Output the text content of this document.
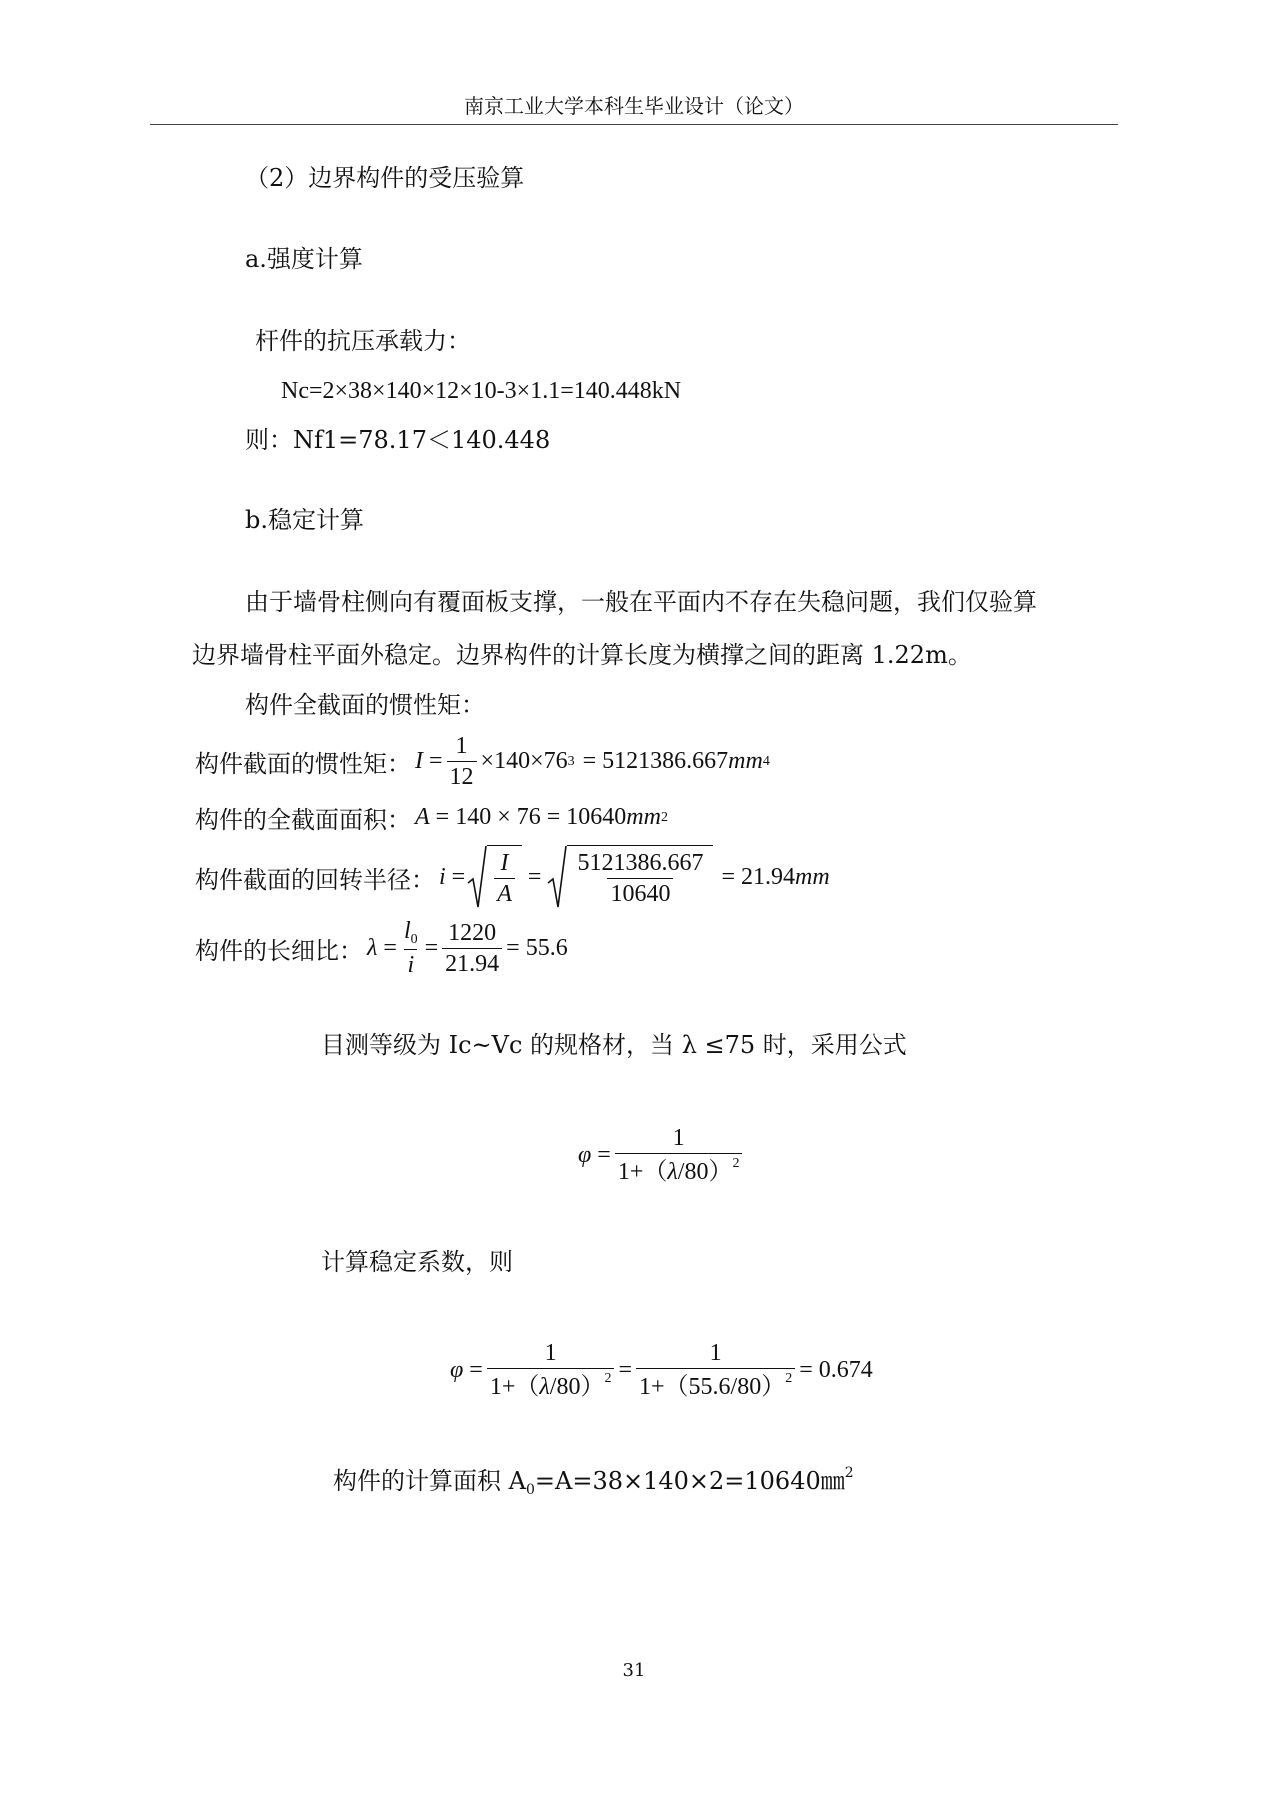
南京工业大学本科生毕业设计（论文）
（2）边界构件的受压验算
a.强度计算
杆件的抗压承载力：
Nc=2×38×140×12×10-3×1.1=140.448kN
则：Nf1=78.17＜140.448
b.稳定计算
由于墙骨柱侧向有覆面板支撑，一般在平面内不存在失稳问题，我们仅验算
边界墙骨柱平面外稳定。边界构件的计算长度为横撑之间的距离 1.22m。
构件全截面的惯性矩：
构件截面的惯性矩： $I = \frac{1}{12} \times 140\times 76$ 3 = 5121386.667 mm 4
构件的全截面面积： A = 140 × 76 = 10640 mm 2
构件截面的回转半径： $i = \frac{I}{A} = \frac{5121386.667}{10640} = 21.94$ mm
构件的长细比： $\lambda = \frac{l_0}{i} = \frac{1220}{21.94} = 55.6$
目测等级为 Ic~Vc 的规格材，当 λ ≤75 时，采用公式
$\varphi = \frac{1}{1+(\lambda/80)^2}$
计算稳定系数，则
$\varphi = \frac{1}{1+(\lambda/80)^2} = \frac{1}{1+(55.6/80)^2} = 0.674$
构件的计算面积 $A_0=A=38\times 140\times 2=10640㎜^2$
31
